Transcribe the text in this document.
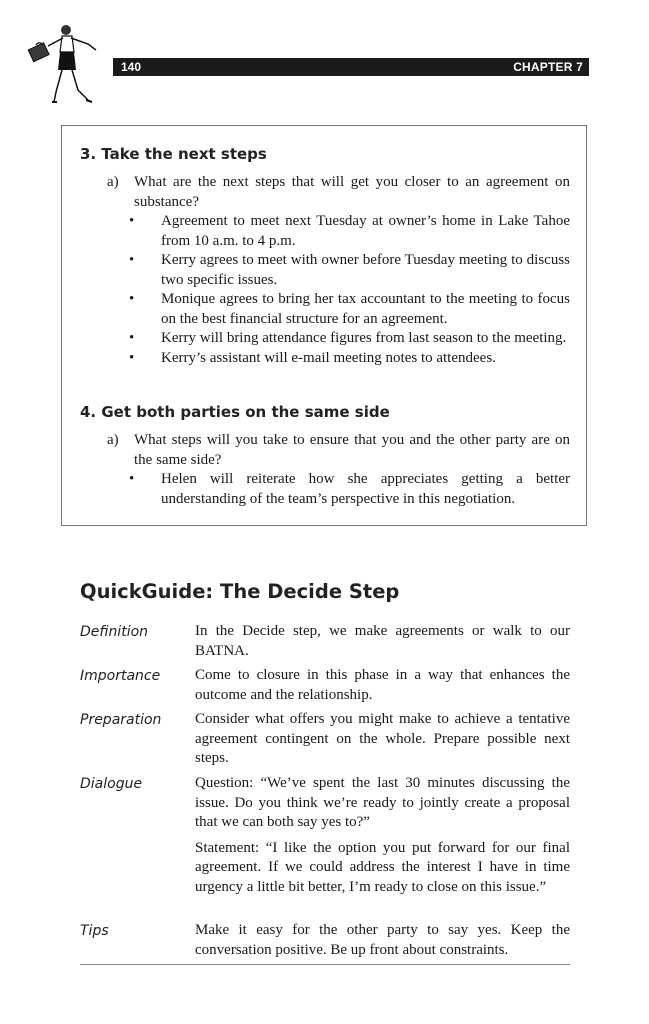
140	CHAPTER 7
3. Take the next steps
a) What are the next steps that will get you closer to an agreement on substance?
• Agreement to meet next Tuesday at owner’s home in Lake Tahoe from 10 a.m. to 4 p.m.
• Kerry agrees to meet with owner before Tuesday meeting to discuss two specific issues.
• Monique agrees to bring her tax accountant to the meeting to focus on the best financial structure for an agreement.
• Kerry will bring attendance figures from last season to the meeting.
• Kerry’s assistant will e-mail meeting notes to attendees.
4. Get both parties on the same side
a) What steps will you take to ensure that you and the other party are on the same side?
• Helen will reiterate how she appreciates getting a better understanding of the team’s perspective in this negotiation.
QuickGuide: The Decide Step
Definition	In the Decide step, we make agreements or walk to our BATNA.

Importance Come to closure in this phase in a way that enhances the outcome and the relationship.

Preparation Consider what offers you might make to achieve a tentative agreement contingent on the whole. Prepare possible next steps.

Dialogue	Question: “We’ve spent the last 30 minutes discussing the issue. Do you think we’re ready to jointly create a proposal that we can both say yes to?”

Statement: “I like the option you put forward for our final agreement. If we could address the interest I have in time urgency a little bit better, I’m ready to close on this issue.”

Tips	Make it easy for the other party to say yes. Keep the conversation positive. Be up front about constraints.
